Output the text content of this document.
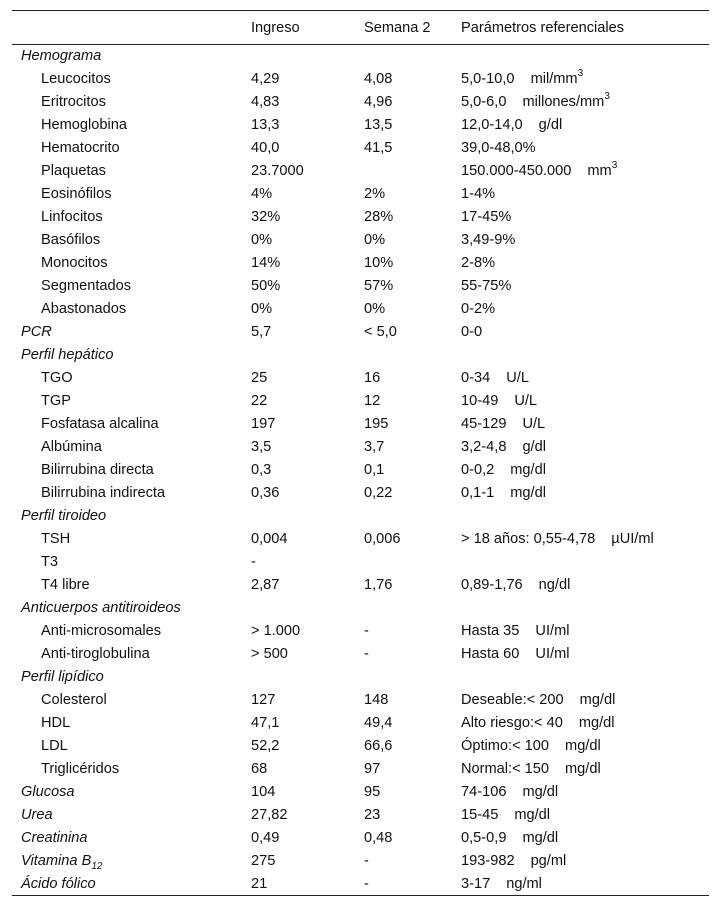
	Ingreso	Semana 2	Parámetros referenciales
Hemograma			
Leucocitos	4,29	4,08	5,0-10,0 mil/$mm^3$
Eritrocitos	4,83	4,96	5,0-6,0 millones/$mm^3$
Hemoglobina	13,3	13,5	12,0-14,0 g/dl
Hematocrito	40,0	41,5	39,0-48,0%
Plaquetas	23.7000		150.000-450.000 $mm^3$
Eosinófilos	4%	2%	1-4%
Linfocitos	32%	28%	17-45%
Basófilos	0%	0%	3,49-9%
Monocitos	14%	10%	2-8%
Segmentados	50%	57%	55-75%
Abastonados	0%	0%	0-2%
PCR	5,7	< 5,0	0-0
Perfil hepático			
TGO	25	16	0-34 U/L
TGP	22	12	10-49 U/L
Fosfatasa alcalina	197	195	45-129 U/L
Albúmina	3,5	3,7	3,2-4,8 g/dl
Bilirrubina directa	0,3	0,1	0-0,2 mg/dl
Bilirrubina indirecta	0,36	0,22	0,1-1 mg/dl
Perfil tiroideo			
TSH	0,004	0,006	> 18 años: 0,55-4,78 µUI/ml
T3	-		
T4 libre	2,87	1,76	0,89-1,76 ng/dl
Anticuerpos antitiroideos			
Anti-microsomales	> 1.000	-	Hasta 35 UI/ml
Anti-tiroglobulina	> 500	-	Hasta 60 UI/ml
Perfil lipídico			
Colesterol	127	148	Deseable:< 200 mg/dl
HDL	47,1	49,4	Alto riesgo:< 40 mg/dl
LDL	52,2	66,6	Óptimo:< 100 mg/dl
Triglicéridos	68	97	Normal:< 150 mg/dl
Glucosa	104	95	74-106 mg/dl
Urea	27,82	23	15-45 mg/dl
Creatinina	0,49	0,48	0,5-0,9 mg/dl
Vitamina $B_{12}$	275	-	193-982 pg/ml
Ácido fólico	21	-	3-17 ng/ml
